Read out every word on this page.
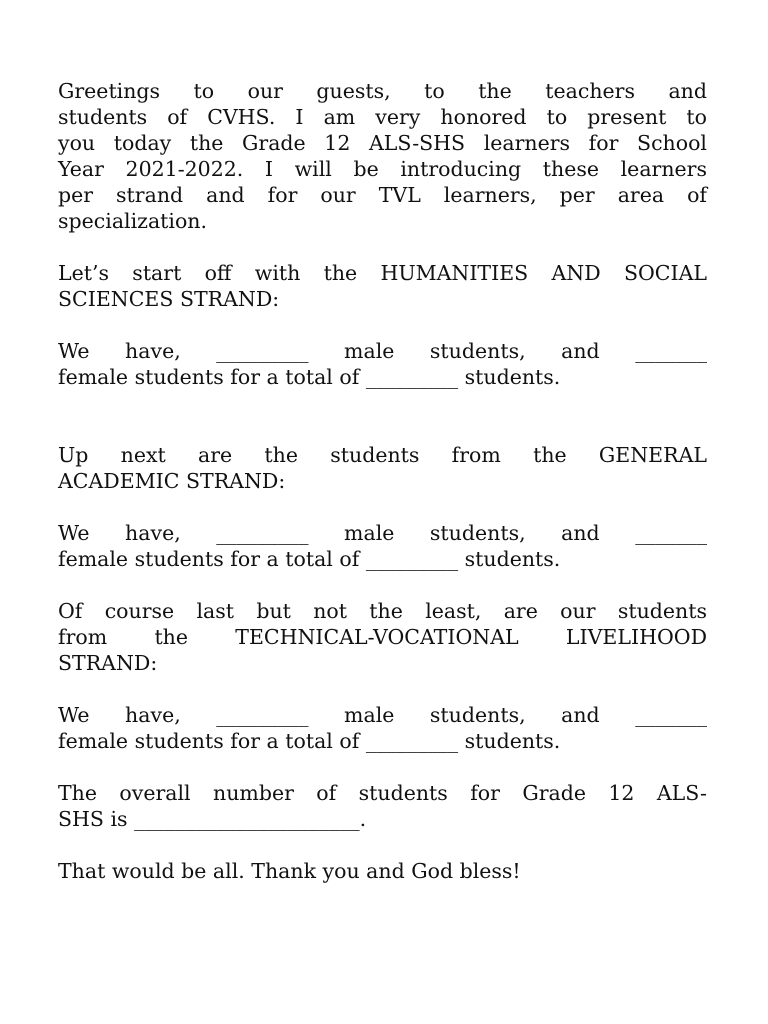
Greetings to our guests, to the teachers and
students of CVHS. I am very honored to present to
you today the Grade 12 ALS-SHS learners for School
Year 2021-2022. I will be introducing these learners
per strand and for our TVL learners, per area of
specialization.
Let’s start off with the HUMANITIES AND SOCIAL
SCIENCES STRAND:
We have, _________ male students, and _______
female students for a total of _________ students.
Up next are the students from the GENERAL
ACADEMIC STRAND:
We have, _________ male students, and _______
female students for a total of _________ students.
Of course last but not the least, are our students
from the TECHNICAL-VOCATIONAL LIVELIHOOD
STRAND:
We have, _________ male students, and _______
female students for a total of _________ students.
The overall number of students for Grade 12 ALS-
SHS is ______________________.
That would be all. Thank you and God bless!
